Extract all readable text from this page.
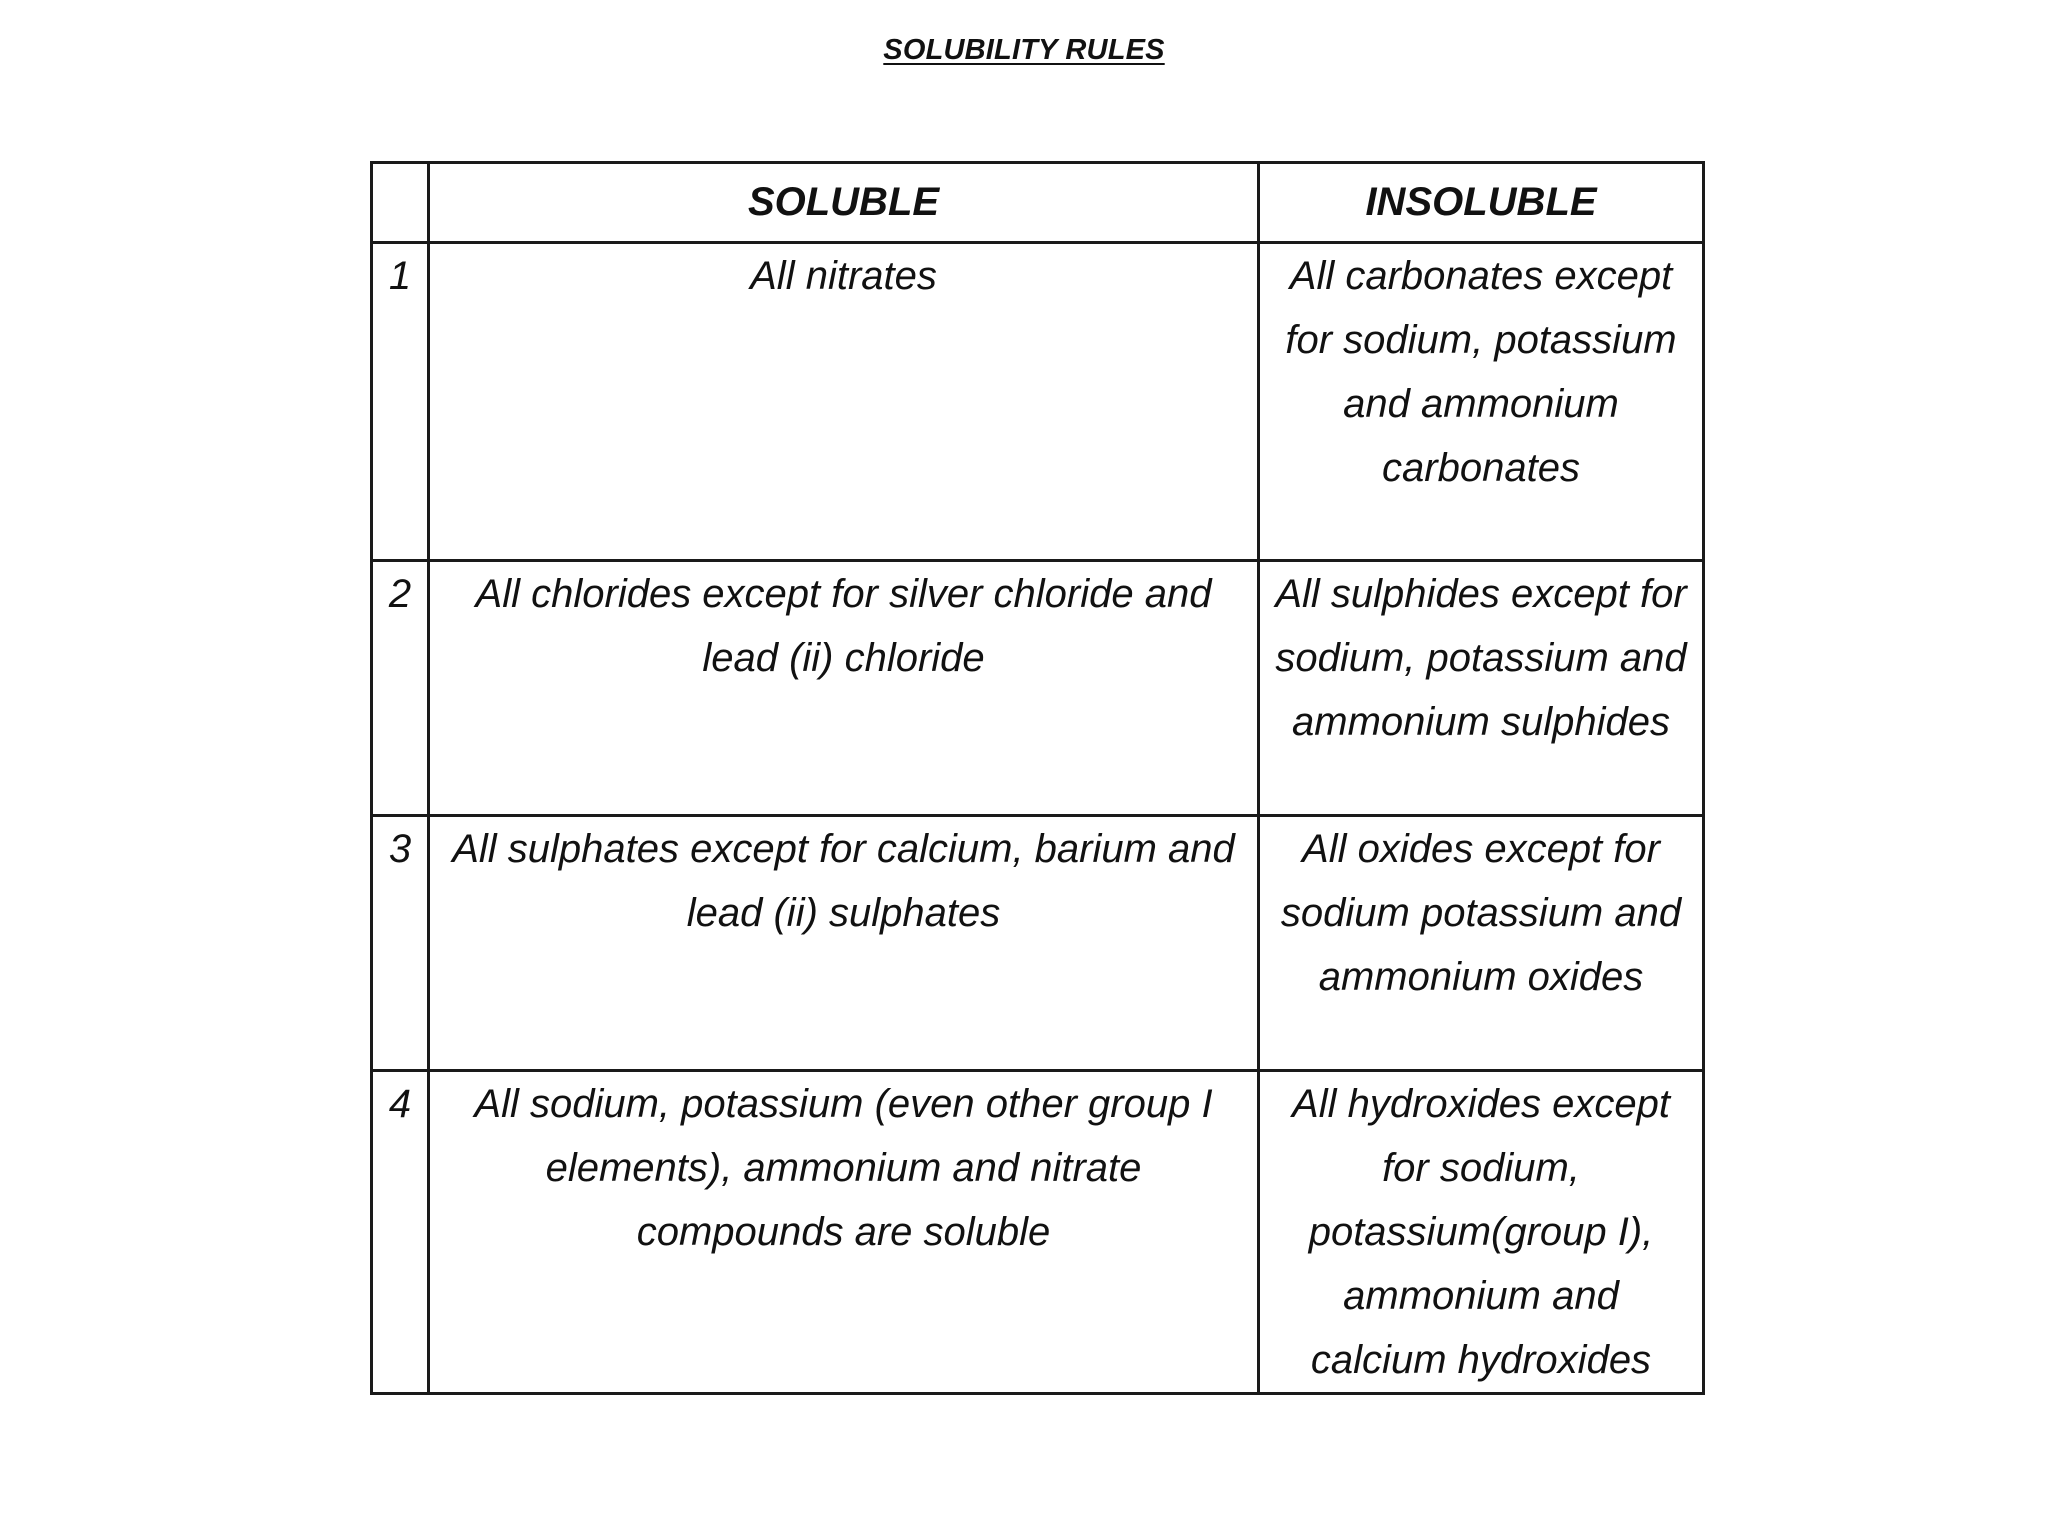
SOLUBILITY RULES
	SOLUBLE	INSOLUBLE
1	All nitrates	All carbonates except for sodium, potassium and ammonium carbonates
2	All chlorides except for silver chloride and lead (ii) chloride	All sulphides except for sodium, potassium and ammonium sulphides
3	All sulphates except for calcium, barium and lead (ii) sulphates	All oxides except for sodium potassium and ammonium oxides
4	All sodium, potassium (even other group I elements), ammonium and nitrate compounds are soluble	All hydroxides except for sodium, potassium(group I), ammonium and calcium hydroxides
